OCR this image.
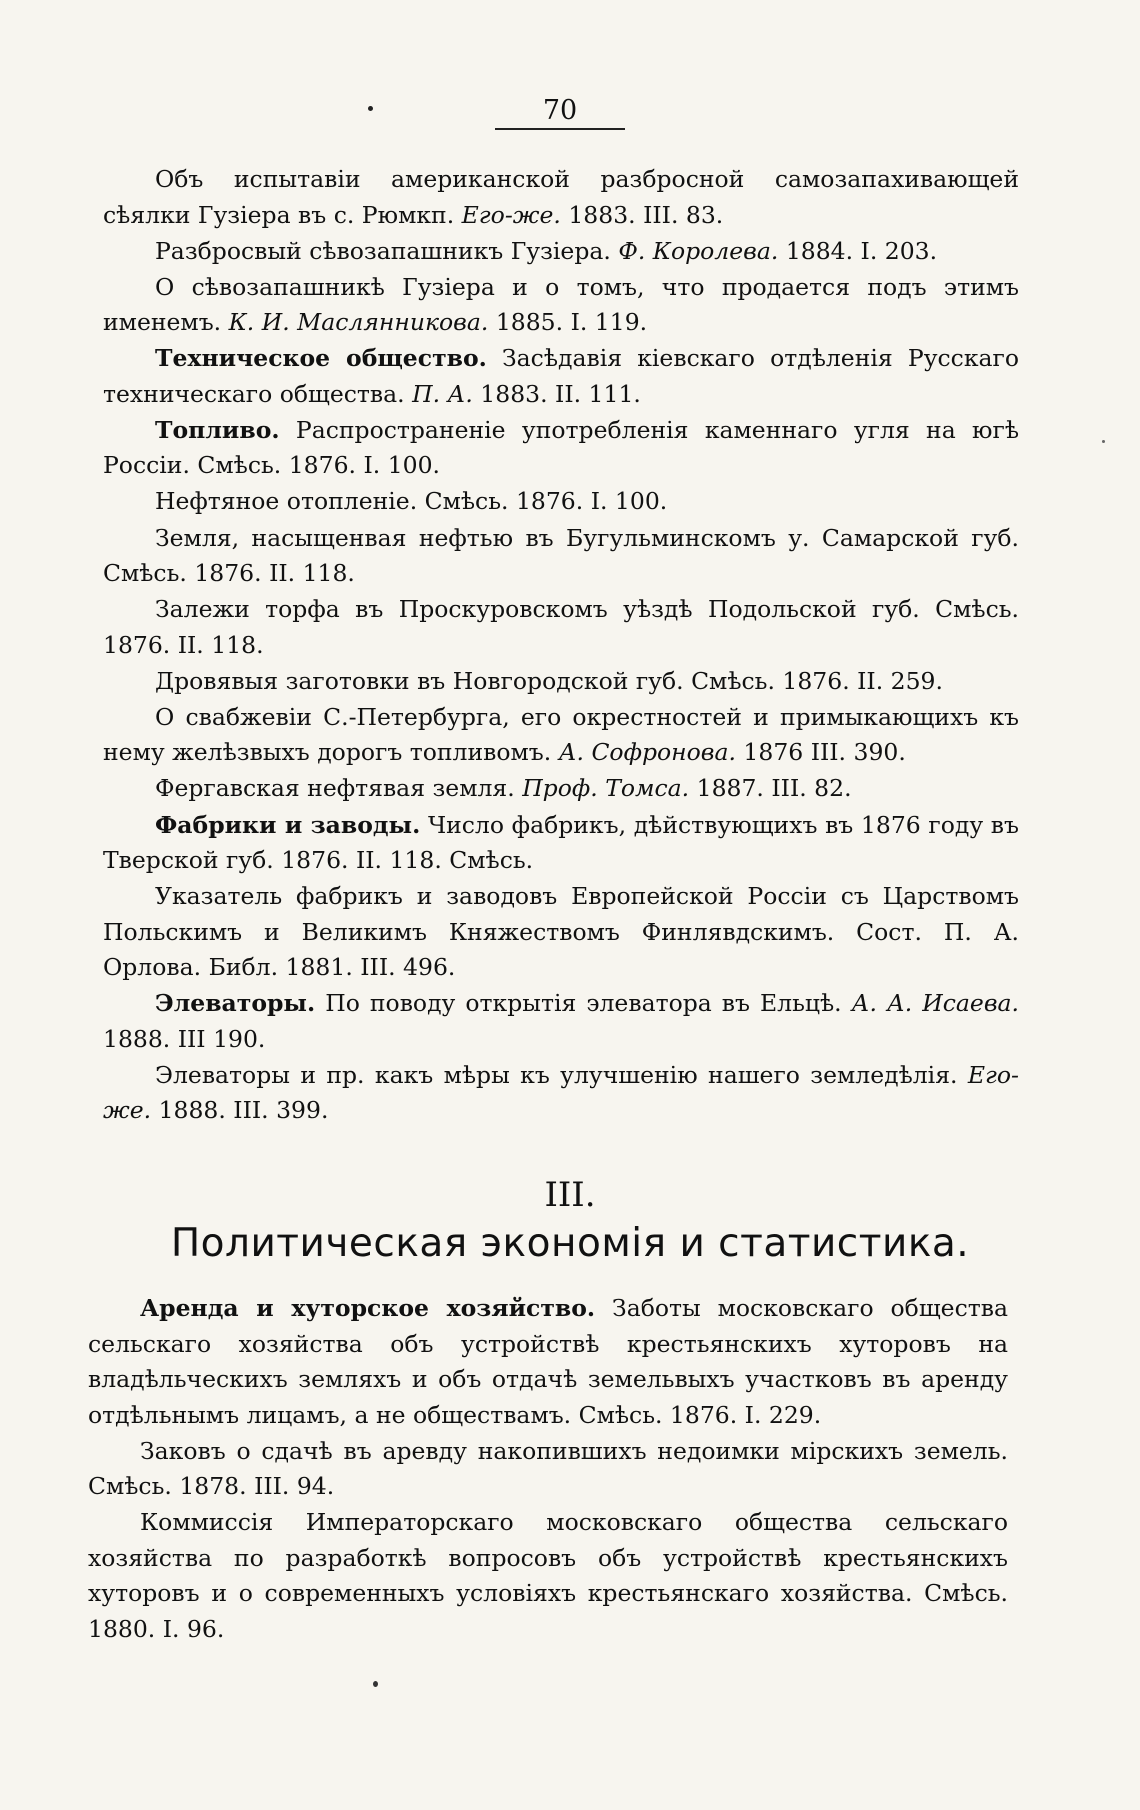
70
Объ испытавіи американской разбросной самозапахивающей сѣялки Гузіера въ с. Рюмкп. Его-же. 1883. III. 83.
Разбросвый сѣвозапашникъ Гузіера. Ф. Королева. 1884. I. 203.
О сѣвозапашникѣ Гузіера и о томъ, что продается подъ этимъ именемъ. К. И. Маслянникова. 1885. I. 119.
Техническое общество. Засѣдавія кіевскаго отдѣленія Русскаго техническаго общества. П. А. 1883. II. 111.
Топливо. Распространеніе употребленія каменнаго угля на югѣ Россіи. Смѣсь. 1876. I. 100.
Нефтяное отопленіе. Смѣсь. 1876. I. 100.
Земля, насыщенвая нефтью въ Бугульминскомъ у. Самарской губ. Смѣсь. 1876. II. 118.
Залежи торфа въ Проскуровскомъ уѣздѣ Подольской губ. Смѣсь. 1876. II. 118.
Дровявыя заготовки въ Новгородской губ. Смѣсь. 1876. II. 259.
О свабжевіи С.-Петербурга, его окрестностей и примыкающихъ къ нему желѣзвыхъ дорогъ топливомъ. А. Софронова. 1876 III. 390.
Фергавская нефтявая земля. Проф. Томса. 1887. III. 82.
Фабрики и заводы. Число фабрикъ, дѣйствующихъ въ 1876 году въ Тверской губ. 1876. II. 118. Смѣсь.
Указатель фабрикъ и заводовъ Европейской Россіи съ Царствомъ Польскимъ и Великимъ Княжествомъ Финлявдскимъ. Сост. П. А. Орлова. Библ. 1881. III. 496.
Элеваторы. По поводу открытія элеватора въ Ельцѣ. А. А. Исаева. 1888. III 190.
Элеваторы и пр. какъ мѣры къ улучшенію нашего земледѣлія. Его-же. 1888. III. 399.
III.
Политическая экономія и статистика.
Аренда и хуторское хозяйство. Заботы московскаго общества сельскаго хозяйства объ устройствѣ крестьянскихъ хуторовъ на владѣльческихъ земляхъ и объ отдачѣ земельвыхъ участковъ въ аренду отдѣльнымъ лицамъ, а не обществамъ. Смѣсь. 1876. I. 229.
Заковъ о сдачѣ въ аревду накопившихъ недоимки мірскихъ земель. Смѣсь. 1878. III. 94.
Коммиссія Императорскаго московскаго общества сельскаго хозяйства по разработкѣ вопросовъ объ устройствѣ крестьянскихъ хуторовъ и о современныхъ условіяхъ крестьянскаго хозяйства. Смѣсь. 1880. I. 96.
